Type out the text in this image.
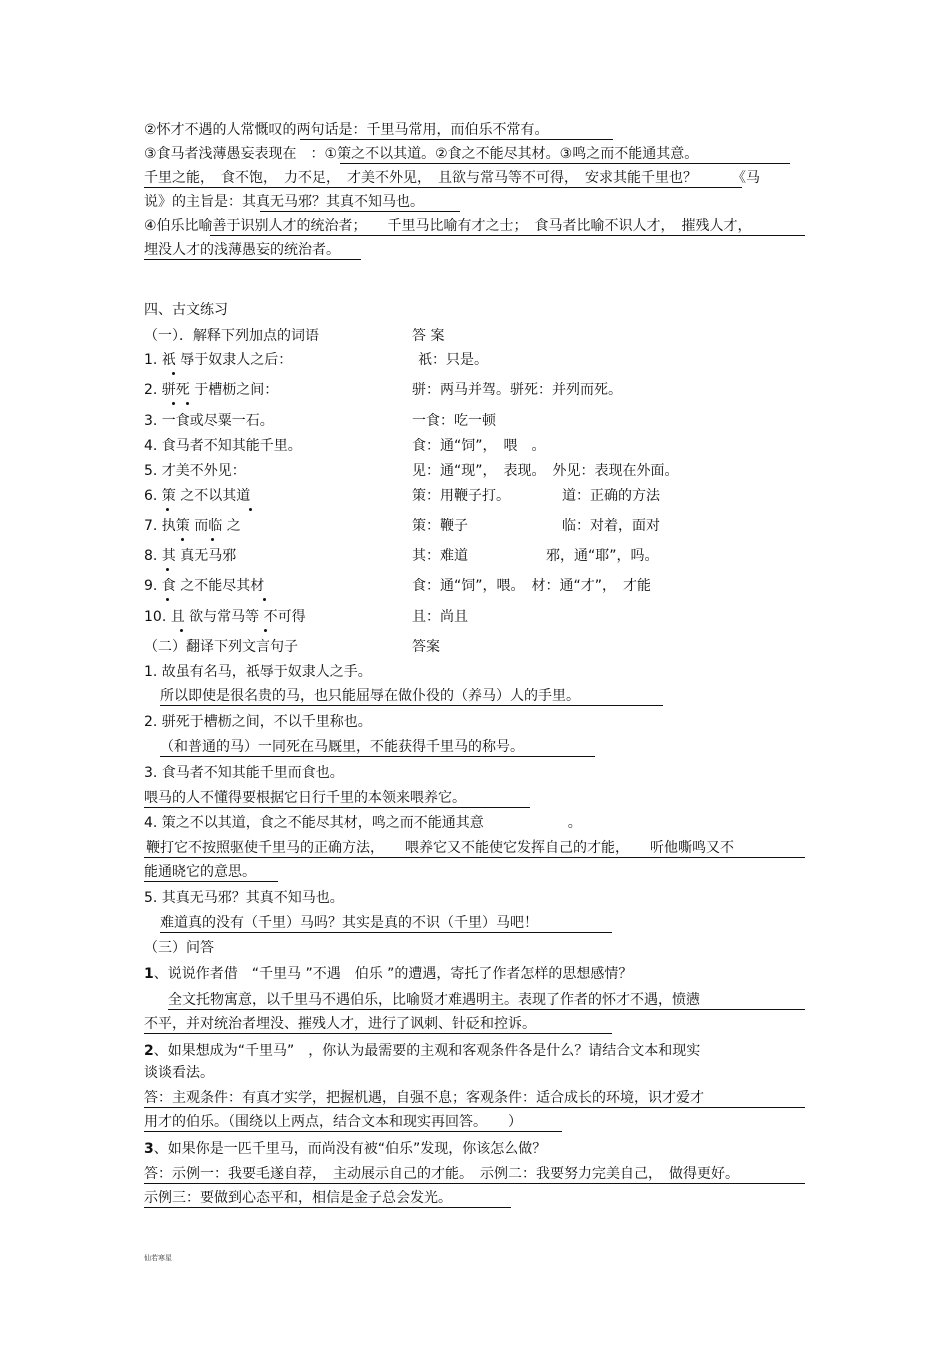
②怀才不遇的人常慨叹的两句话是：千里马常用，而伯乐不常有。
③食马者浅薄愚妄表现在　：①策之不以其道。②食之不能尽其材。③鸣之而不能通其意。
千里之能，　食不饱，　力不足，　才美不外见，　且欲与常马等不可得，　安求其能千里也？　　　《马
说》的主旨是：其真无马邪？其真不知马也。
④伯乐比喻善于识别人才的统治者；　　千里马比喻有才之士；　食马者比喻不识人才，　摧残人才，
埋没人才的浅薄愚妄的统治者。
四、古文练习
（一）．解释下列加点的词语	答 案
1. 祇 辱于奴隶人之后：	祇：只是。
2. 骈死 于槽枥之间：	骈：两马并驾。骈死：并列而死。
3. 一食或尽粟一石。	一食：吃一顿
4. 食马者不知其能千里。	食：通“饲”，　喂　。
5. 才美不外见：	见：通“现”，　表现。　外见：表现在外面。
6. 策 之不以其道	策：用鞭子打。	道：正确的方法
7. 执策 而临 之	策：鞭子	临：对着，面对
8. 其 真无马邪	其：难道	邪，通“耶”，吗。
9. 食 之不能尽其材	食：通“饲”，喂。　材：通“才”，　才能
10. 且 欲与常马等 不可得	且：尚且
（二）翻译下列文言句子	答案
1. 故虽有名马，祇辱于奴隶人之手。
所以即使是很名贵的马，也只能屈辱在做仆役的（养马）人的手里。
2. 骈死于槽枥之间，不以千里称也。
（和普通的马）一同死在马厩里，不能获得千里马的称号。
3. 食马者不知其能千里而食也。
喂马的人不懂得要根据它日行千里的本领来喂养它。
4. 策之不以其道，食之不能尽其材，鸣之而不能通其意　　　　　　。
鞭打它不按照驱使千里马的正确方法，　　喂养它又不能使它发挥自己的才能，　　听他嘶鸣又不
能通晓它的意思。
5. 其真无马邪？其真不知马也。
难道真的没有（千里）马吗？其实是真的不识（千里）马吧！
（三）问答
1、说说作者借　“千里马 ”不遇　伯乐 ”的遭遇，寄托了作者怎样的思想感情？
全文托物寓意，以千里马不遇伯乐，比喻贤才难遇明主。表现了作者的怀才不遇，愤懑
不平，并对统治者埋没、摧残人才，进行了讽刺、针砭和控诉。
2、如果想成为“千里马”　，你认为最需要的主观和客观条件各是什么？请结合文本和现实
谈谈看法。
答：主观条件：有真才实学，把握机遇，自强不息；客观条件：适合成长的环境，识才爱才
用才的伯乐。（围绕以上两点，结合文本和现实再回答。　　）
3、如果你是一匹千里马，而尚没有被“伯乐”发现，你该怎么做？
答：示例一：我要毛遂自荐，　主动展示自己的才能。　示例二：我要努力完美自己，　做得更好。
示例三：要做到心态平和，相信是金子总会发光。
仙若寒星
